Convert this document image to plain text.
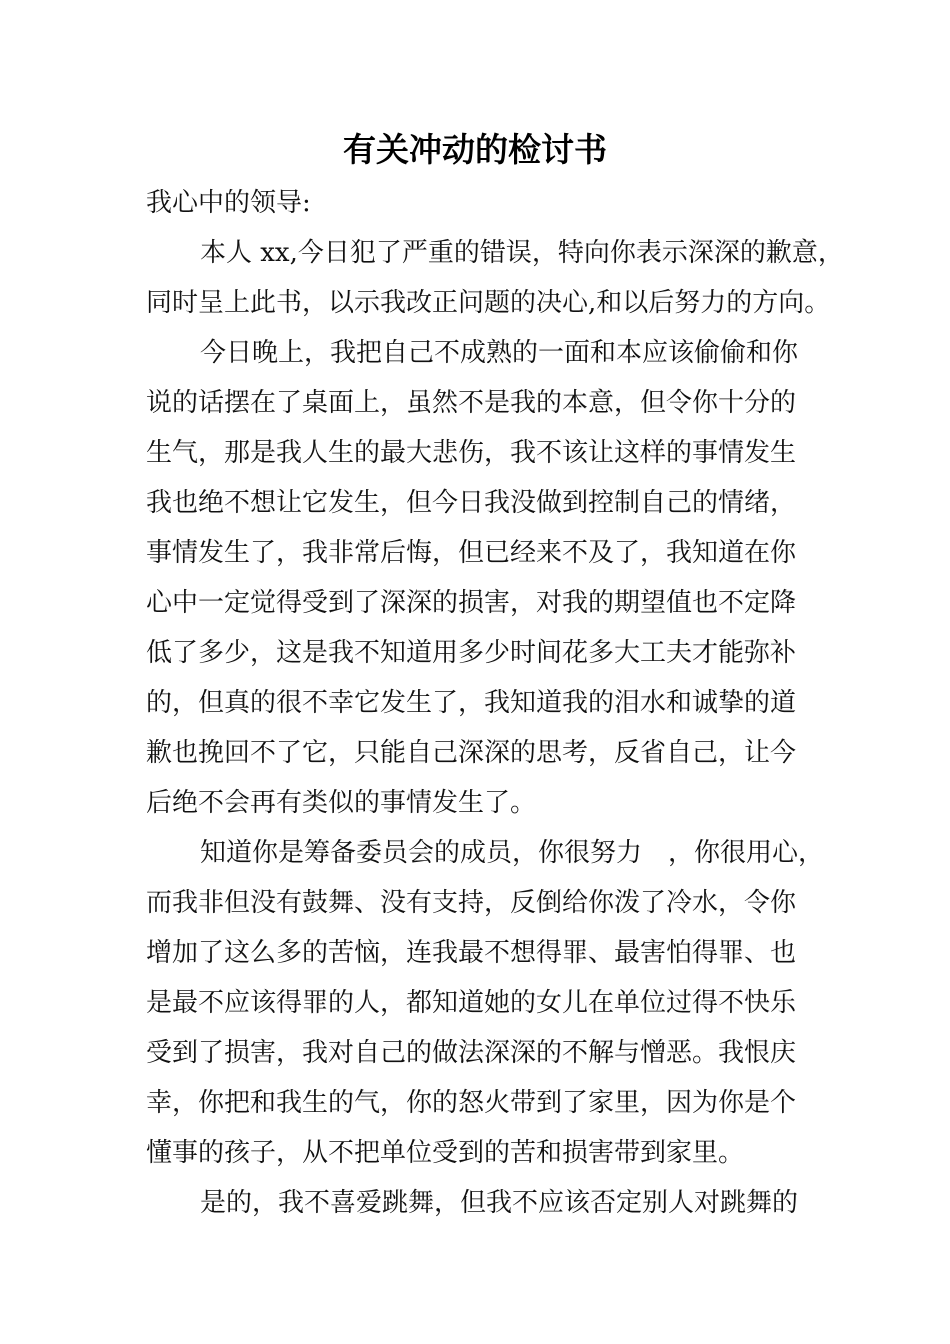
有关冲动的检讨书
我心中的领导:
本人 xx,今日犯了严重的错误，特向你表示深深的歉意，
同时呈上此书，以示我改正问题的决心,和以后努力的方向。
今日晚上，我把自己不成熟的一面和本应该偷偷和你
说的话摆在了桌面上，虽然不是我的本意，但令你十分的
生气，那是我人生的最大悲伤，我不该让这样的事情发生
我也绝不想让它发生，但今日我没做到控制自己的情绪，
事情发生了，我非常后悔，但已经来不及了，我知道在你
心中一定觉得受到了深深的损害，对我的期望值也不定降
低了多少，这是我不知道用多少时间花多大工夫才能弥补
的，但真的很不幸它发生了，我知道我的泪水和诚挚的道
歉也挽回不了它，只能自己深深的思考，反省自己，让今
后绝不会再有类似的事情发生了。
知道你是筹备委员会的成员，你很努力　，你很用心，
而我非但没有鼓舞、没有支持，反倒给你泼了冷水，令你
增加了这么多的苦恼，连我最不想得罪、最害怕得罪、也
是最不应该得罪的人，都知道她的女儿在单位过得不快乐
受到了损害，我对自己的做法深深的不解与憎恶。我恨庆
幸，你把和我生的气，你的怒火带到了家里，因为你是个
懂事的孩子，从不把单位受到的苦和损害带到家里。
是的，我不喜爱跳舞，但我不应该否定别人对跳舞的
